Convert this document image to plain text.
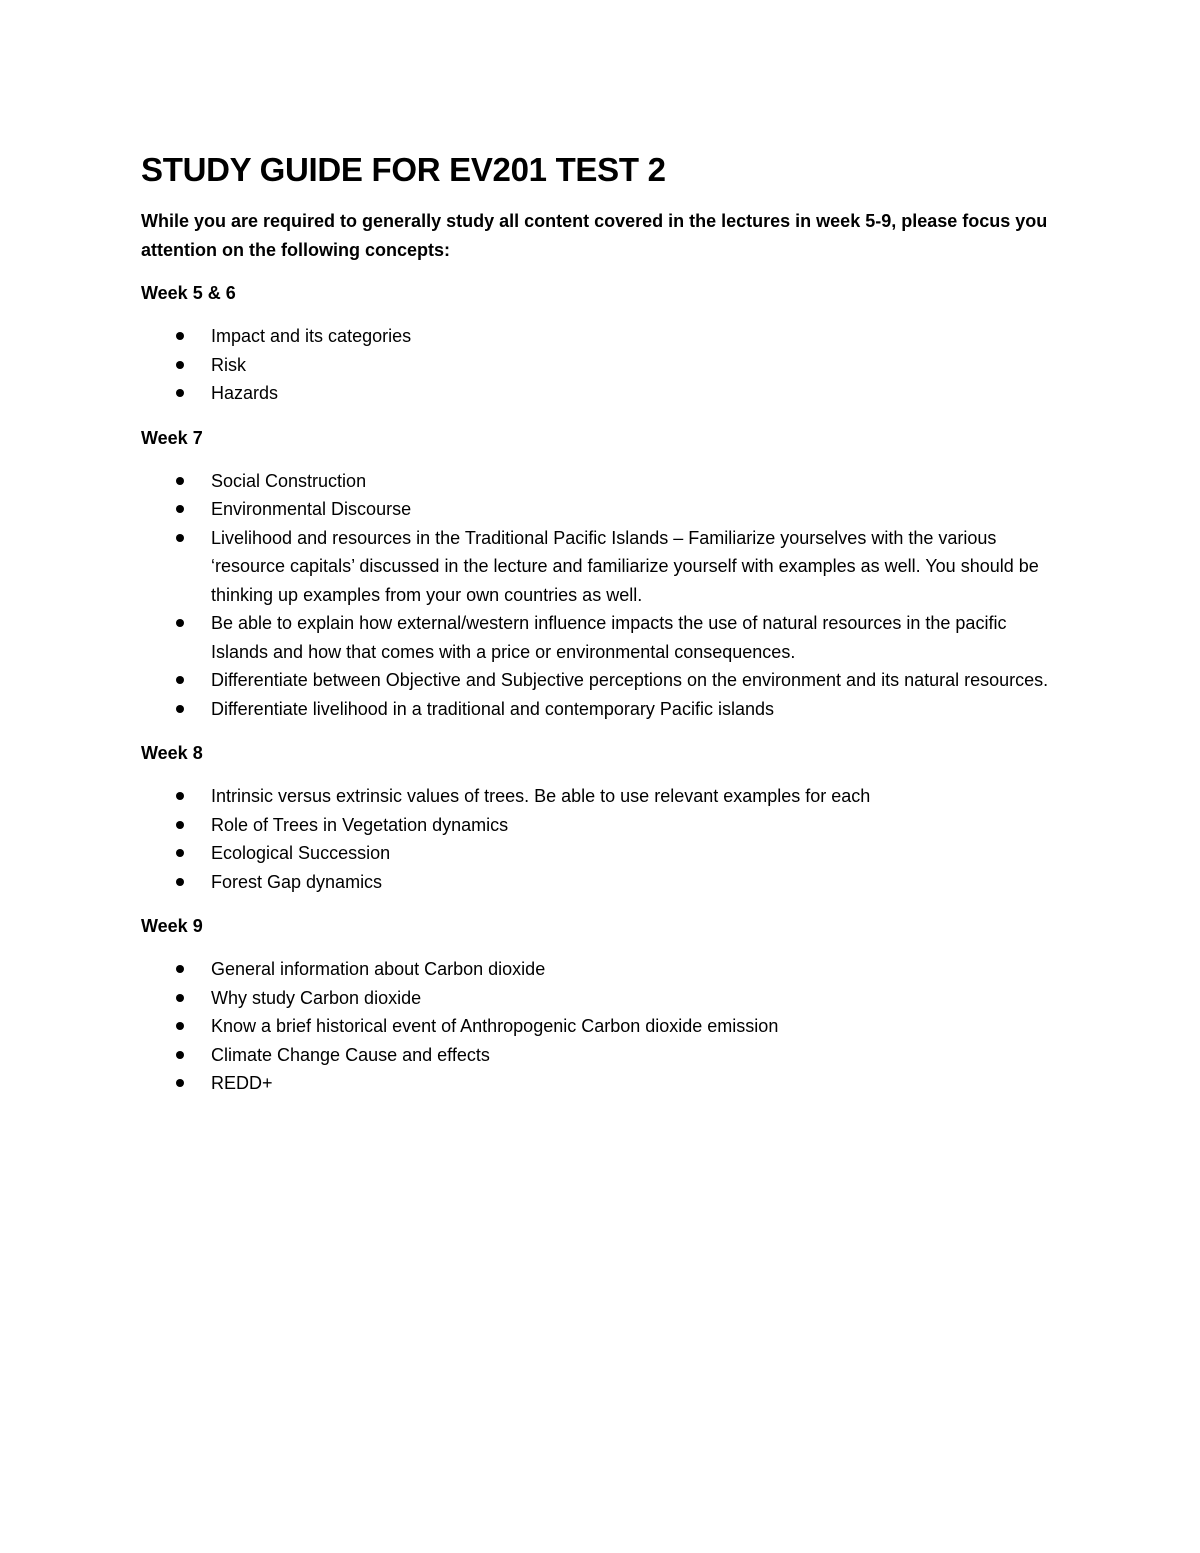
STUDY GUIDE FOR EV201 TEST 2

While you are required to generally study all content covered in the lectures in week 5-9, please focus you attention on the following concepts:

Week 5 & 6

Impact and its categories
Risk
Hazards

Week 7

Social Construction
Environmental Discourse
Livelihood and resources in the Traditional Pacific Islands – Familiarize yourselves with the various ‘resource capitals’ discussed in the lecture and familiarize yourself with examples as well. You should be thinking up examples from your own countries as well.
Be able to explain how external/western influence impacts the use of natural resources in the pacific Islands and how that comes with a price or environmental consequences.
Differentiate between Objective and Subjective perceptions on the environment and its natural resources.
Differentiate livelihood in a traditional and contemporary Pacific islands

Week 8

Intrinsic versus extrinsic values of trees. Be able to use relevant examples for each
Role of Trees in Vegetation dynamics
Ecological Succession
Forest Gap dynamics

Week 9

General information about Carbon dioxide
Why study Carbon dioxide
Know a brief historical event of Anthropogenic Carbon dioxide emission
Climate Change Cause and effects
REDD+
